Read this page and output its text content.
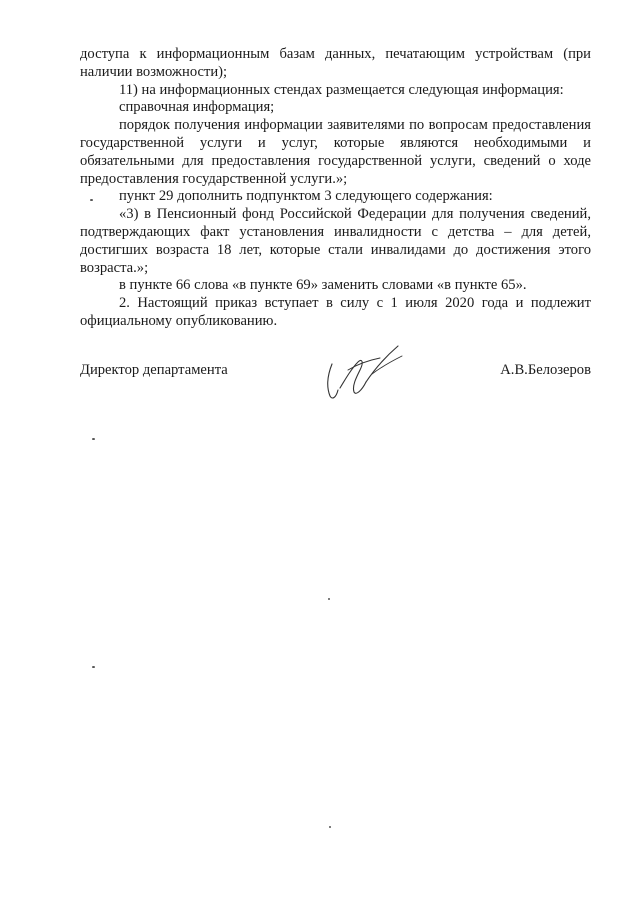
доступа к информационным базам данных, печатающим устройствам (при наличии возможности);

11) на информационных стендах размещается следующая информация:

справочная информация;

порядок получения информации заявителями по вопросам предоставления государственной услуги и услуг, которые являются необходимыми и обязательными для предоставления государственной услуги, сведений о ходе предоставления государственной услуги.»;

пункт 29 дополнить подпунктом 3 следующего содержания:

«3) в Пенсионный фонд Российской Федерации для получения сведений, подтверждающих факт установления инвалидности с детства – для детей, достигших возраста 18 лет, которые стали инвалидами до достижения этого возраста.»;

в пункте 66 слова «в пункте 69» заменить словами «в пункте 65».

2. Настоящий приказ вступает в силу с 1 июля 2020 года и подлежит официальному опубликованию.

Директор департамента	А.В.Белозеров
